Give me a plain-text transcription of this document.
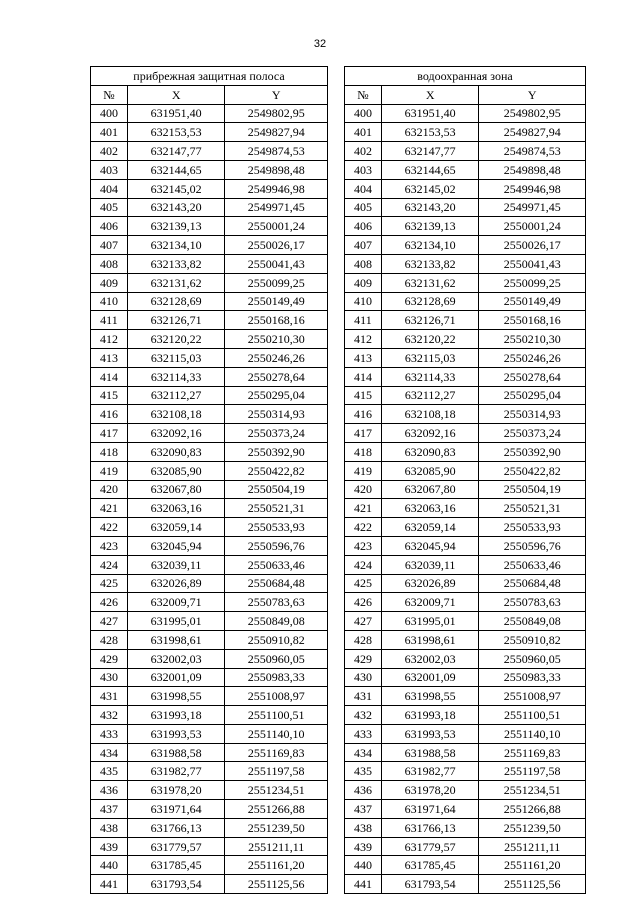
32
прибрежная защитная полоса		
№	X	Y
400	631951,40	2549802,95
401	632153,53	2549827,94
402	632147,77	2549874,53
403	632144,65	2549898,48
404	632145,02	2549946,98
405	632143,20	2549971,45
406	632139,13	2550001,24
407	632134,10	2550026,17
408	632133,82	2550041,43
409	632131,62	2550099,25
410	632128,69	2550149,49
411	632126,71	2550168,16
412	632120,22	2550210,30
413	632115,03	2550246,26
414	632114,33	2550278,64
415	632112,27	2550295,04
416	632108,18	2550314,93
417	632092,16	2550373,24
418	632090,83	2550392,90
419	632085,90	2550422,82
420	632067,80	2550504,19
421	632063,16	2550521,31
422	632059,14	2550533,93
423	632045,94	2550596,76
424	632039,11	2550633,46
425	632026,89	2550684,48
426	632009,71	2550783,63
427	631995,01	2550849,08
428	631998,61	2550910,82
429	632002,03	2550960,05
430	632001,09	2550983,33
431	631998,55	2551008,97
432	631993,18	2551100,51
433	631993,53	2551140,10
434	631988,58	2551169,83
435	631982,77	2551197,58
436	631978,20	2551234,51
437	631971,64	2551266,88
438	631766,13	2551239,50
439	631779,57	2551211,11
440	631785,45	2551161,20
441	631793,54	2551125,56
водоохранная зона		
№	X	Y
400	631951,40	2549802,95
401	632153,53	2549827,94
402	632147,77	2549874,53
403	632144,65	2549898,48
404	632145,02	2549946,98
405	632143,20	2549971,45
406	632139,13	2550001,24
407	632134,10	2550026,17
408	632133,82	2550041,43
409	632131,62	2550099,25
410	632128,69	2550149,49
411	632126,71	2550168,16
412	632120,22	2550210,30
413	632115,03	2550246,26
414	632114,33	2550278,64
415	632112,27	2550295,04
416	632108,18	2550314,93
417	632092,16	2550373,24
418	632090,83	2550392,90
419	632085,90	2550422,82
420	632067,80	2550504,19
421	632063,16	2550521,31
422	632059,14	2550533,93
423	632045,94	2550596,76
424	632039,11	2550633,46
425	632026,89	2550684,48
426	632009,71	2550783,63
427	631995,01	2550849,08
428	631998,61	2550910,82
429	632002,03	2550960,05
430	632001,09	2550983,33
431	631998,55	2551008,97
432	631993,18	2551100,51
433	631993,53	2551140,10
434	631988,58	2551169,83
435	631982,77	2551197,58
436	631978,20	2551234,51
437	631971,64	2551266,88
438	631766,13	2551239,50
439	631779,57	2551211,11
440	631785,45	2551161,20
441	631793,54	2551125,56
